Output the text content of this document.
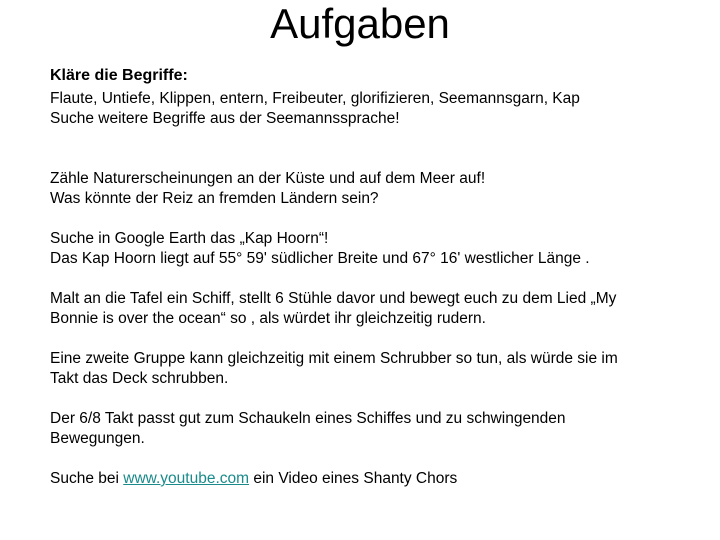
Aufgaben

Kläre die Begriffe:

Flaute, Untiefe, Klippen, entern, Freibeuter, glorifizieren, Seemannsgarn, Kap

Suche weitere Begriffe aus der Seemannssprache!

Zähle Naturerscheinungen an der Küste und auf dem Meer auf!

Was könnte der Reiz an fremden Ländern sein?

Suche in Google Earth das „Kap Hoorn“!

Das Kap Hoorn liegt auf 55° 59' südlicher Breite und 67° 16' westlicher Länge .

Malt an die Tafel ein Schiff, stellt 6 Stühle davor und bewegt euch zu dem Lied „My

Bonnie is over the ocean“ so , als würdet ihr gleichzeitig rudern.

Eine zweite Gruppe kann gleichzeitig mit einem Schrubber so tun, als würde sie im

Takt das Deck schrubben.

Der 6/8 Takt passt gut zum Schaukeln eines Schiffes und zu schwingenden

Bewegungen.

Suche bei www.youtube.com ein Video eines Shanty Chors
